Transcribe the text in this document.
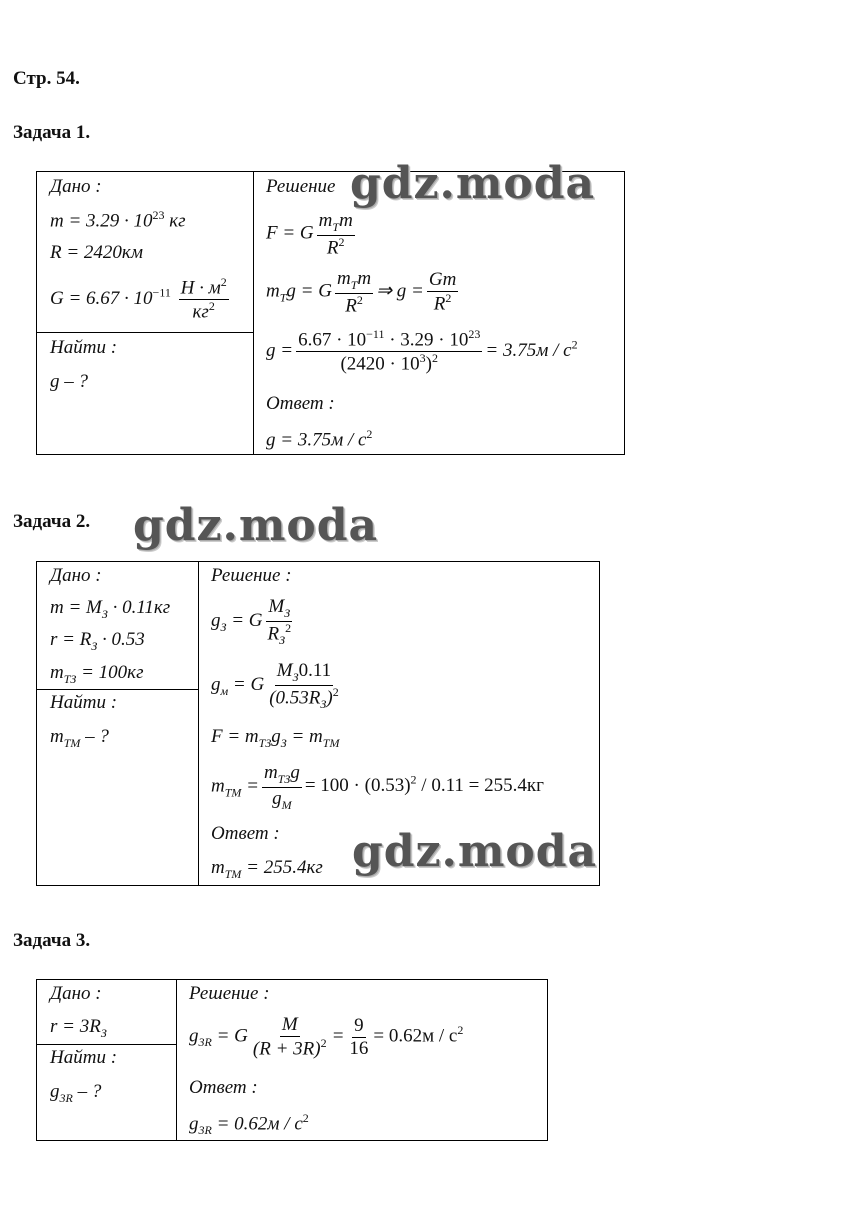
Стр. 54.
Задача 1.
Дано :
$m = 3.29 \cdot 10^{23}$ кг
R = 2420км
$G = 6.67 \cdot 10^{-11} \frac{Н \cdot м^2}{кг^2}$
Найти :
g – ?
Решение
F = G $\frac{m_Tm}{R^2}$
$m_Tg = G \frac{m_Tm}{R^2}$ ⇒ $g = \frac{Gm}{R^2}$
$g = \frac{6.67 \cdot 10^{-11} \cdot 3.29 \cdot 10^{23}}{(2420 \cdot 10^3)^2} = 3.75м / с^2$
Ответ :
$g = 3.75м / с^2$
gdz.moda
Задача 2. gdz.moda
Дано :
$m = M_З \cdot 0.11кг$
$r = R_З \cdot 0.53$
$m_{ТЗ} = 100кг$
Найти :
$m_{ТМ}$ – ?
Решение :
$g_З = G \frac{M_З}{R_З^2}$
$g_м = G \frac{M_З0.11}{(0.53R_З)^2}$
$F = m_{ТЗ}g_З = m_{ТМ}$
$m_{ТМ} = \frac{m_{ТЗ}g}{g_М} = 100 \cdot (0.53)^2 / 0.11 = 255.4кг$
Ответ :
$m_{ТМ} = 255.4кг$ gdz.moda
Задача 3.
Дано :
$r = 3R_З$
Найти :
$g_{3R}$ – ?
Решение :
$g_{3R} = G \frac{M}{(R + 3R)^2} = \frac{9}{16} = 0.62м / с^2$
Ответ :
$g_{3R} = 0.62м / с^2$
